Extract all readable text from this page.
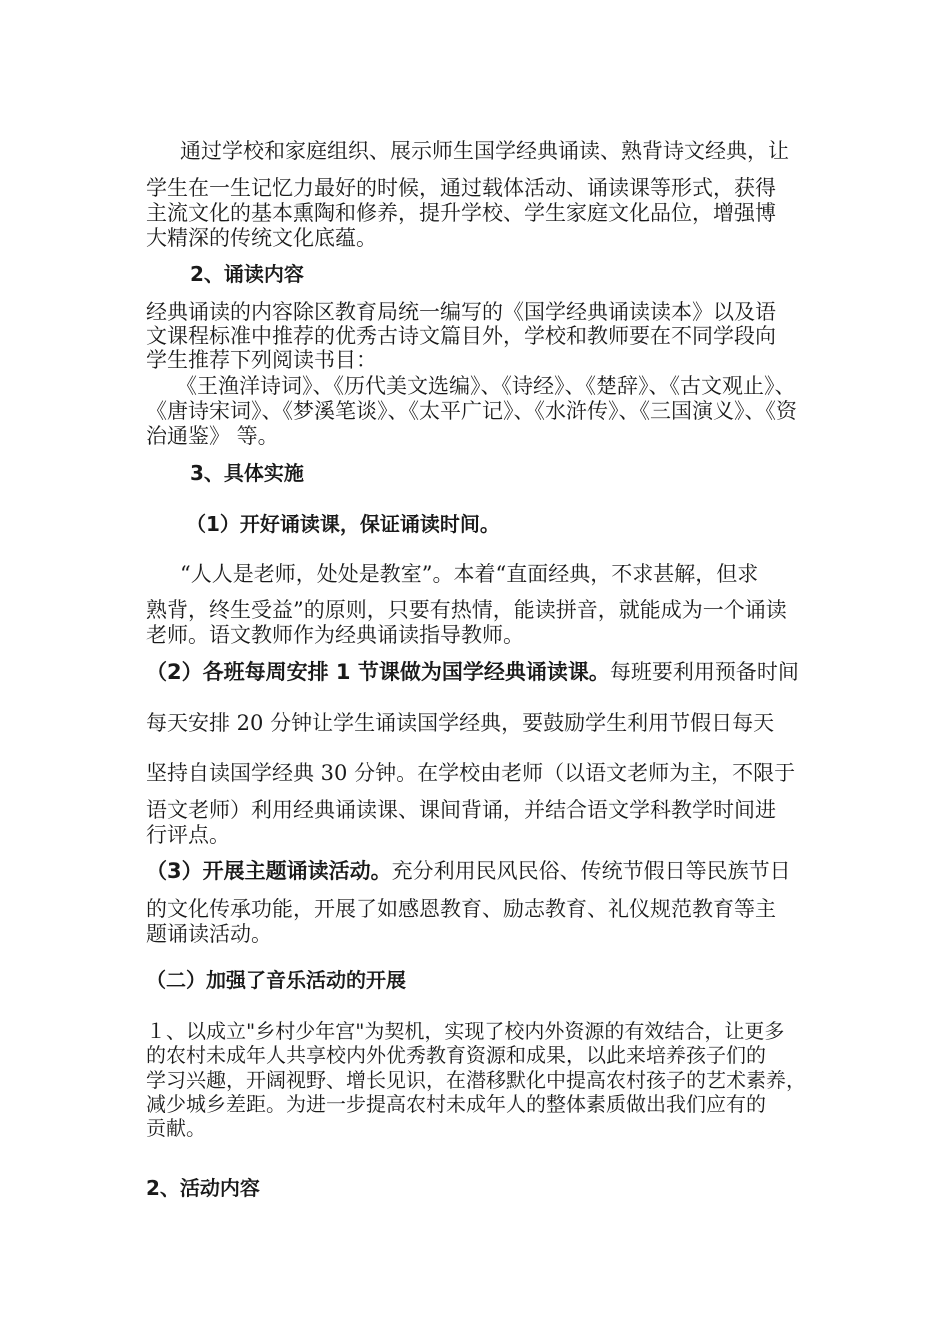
通过学校和家庭组织、展示师生国学经典诵读、熟背诗文经典，让

学生在一生记忆力最好的时候，通过载体活动、诵读课等形式，获得

主流文化的基本熏陶和修养，提升学校、学生家庭文化品位，增强博

大精深的传统文化底蕴。

2、诵读内容

经典诵读的内容除区教育局统一编写的《国学经典诵读读本》以及语

文课程标准中推荐的优秀古诗文篇目外，学校和教师要在不同学段向

学生推荐下列阅读书目：

《王渔洋诗词》、《历代美文选编》、《诗经》、《楚辞》、《古文观止》、

《唐诗宋词》、《梦溪笔谈》、《太平广记》、《水浒传》、《三国演义》、《资

治通鉴》 等。

3、具体实施

（1）开好诵读课，保证诵读时间。

“人人是老师，处处是教室”。本着“直面经典，不求甚解，但求

熟背，终生受益”的原则，只要有热情，能读拼音，就能成为一个诵读

老师。语文教师作为经典诵读指导教师。

（2）各班每周安排 1 节课做为国学经典诵读课。每班要利用预备时间

每天安排 20 分钟让学生诵读国学经典，要鼓励学生利用节假日每天

坚持自读国学经典 30 分钟。在学校由老师（以语文老师为主，不限于

语文老师）利用经典诵读课、课间背诵，并结合语文学科教学时间进

行评点。

（3）开展主题诵读活动。充分利用民风民俗、传统节假日等民族节日

的文化传承功能，开展了如感恩教育、励志教育、礼仪规范教育等主

题诵读活动。

（二）加强了音乐活动的开展

１、以成立"乡村少年宫"为契机，实现了校内外资源的有效结合，让更多

的农村未成年人共享校内外优秀教育资源和成果，以此来培养孩子们的

学习兴趣，开阔视野、增长见识，在潜移默化中提高农村孩子的艺术素养，

减少城乡差距。为进一步提高农村未成年人的整体素质做出我们应有的

贡献。

2、活动内容
